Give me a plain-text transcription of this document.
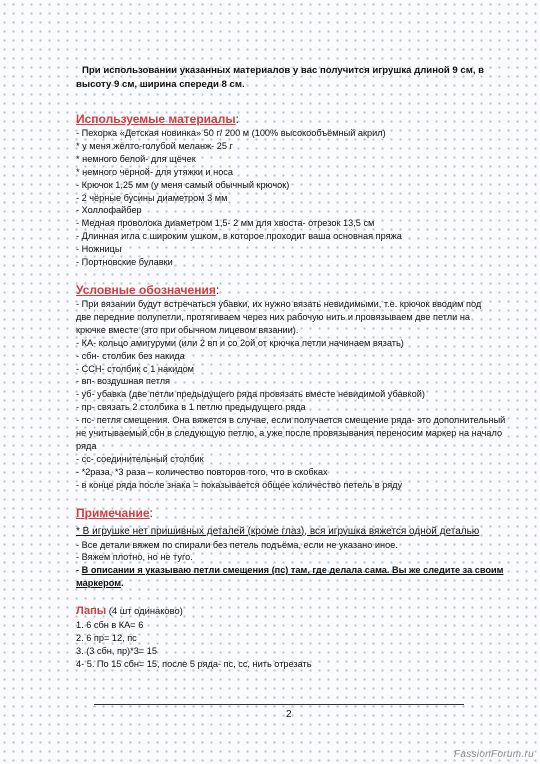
При использовании указанных материалов у вас получится игрушка длиной 9 см, в высоту 9 см, ширина спереди 8 см.

Используемые материалы:

- Пехорка «Детская новинка» 50 г/ 200 м (100% высокообъёмный акрил)

* у меня жёлто-голубой меланж- 25 г

* немного белой- для щёчек

* немного чёрной- для утяжки и носа

- Крючок 1,25 мм (у меня самый обычный крючок)

- 2 чёрные бусины диаметром 3 мм

- Холлофайбер

- Медная проволока диаметром 1,5- 2 мм для хвоста- отрезок 13,5 см

- Длинная игла с широким ушком, в которое проходит ваша основная пряжа

- Ножницы

- Портновские булавки

Условные обозначения:

- При вязании будут встречаться убавки, их нужно вязать невидимыми, т.е. крючок вводим под

две передние полупетли, протягиваем через них рабочую нить и провязываем две петли на

крючке вместе (это при обычном лицевом вязании).

- КА- кольцо амигуруми (или 2 вп и со 2ой от крючка петли начинаем вязать)

- сбн- столбик без накида

- ССН- столбик с 1 накидом

- вп- воздушная петля

- уб- убавка (две петли предыдущего ряда провязать вместе невидимой убавкой)

- пр- связать 2 столбика в 1 петлю предыдущего ряда

- пс- петля смещения. Она вяжется в случае, если получается смещение ряда- это дополнительный

не учитываемый сбн в следующую петлю, а уже после провязывания переносим маркер на начало

ряда

- сс- соединительный столбик

- *2раза, *3 раза – количество повторов того, что в скобках

- в конце ряда после знака = показывается общее количество петель в ряду

Примечание:

* В игрушке нет пришивных деталей (кроме глаз), вся игрушка вяжется одной деталью

- Все детали вяжем по спирали без петель подъёма, если не указано иное.

- Вяжем плотно, но не туго.

- В описании я указываю петли смещения (пс) там, где делала сама. Вы же следите за своим

маркером.

Лапы (4 шт одинаково)

1. 6 сбн в КА= 6

2. 6 пр= 12, пс

3. (3 сбн, пр)*3= 15

4- 5. По 15 сбн= 15, после 5 ряда- пс, сс, нить отрезать

2
FassionForum.ru
